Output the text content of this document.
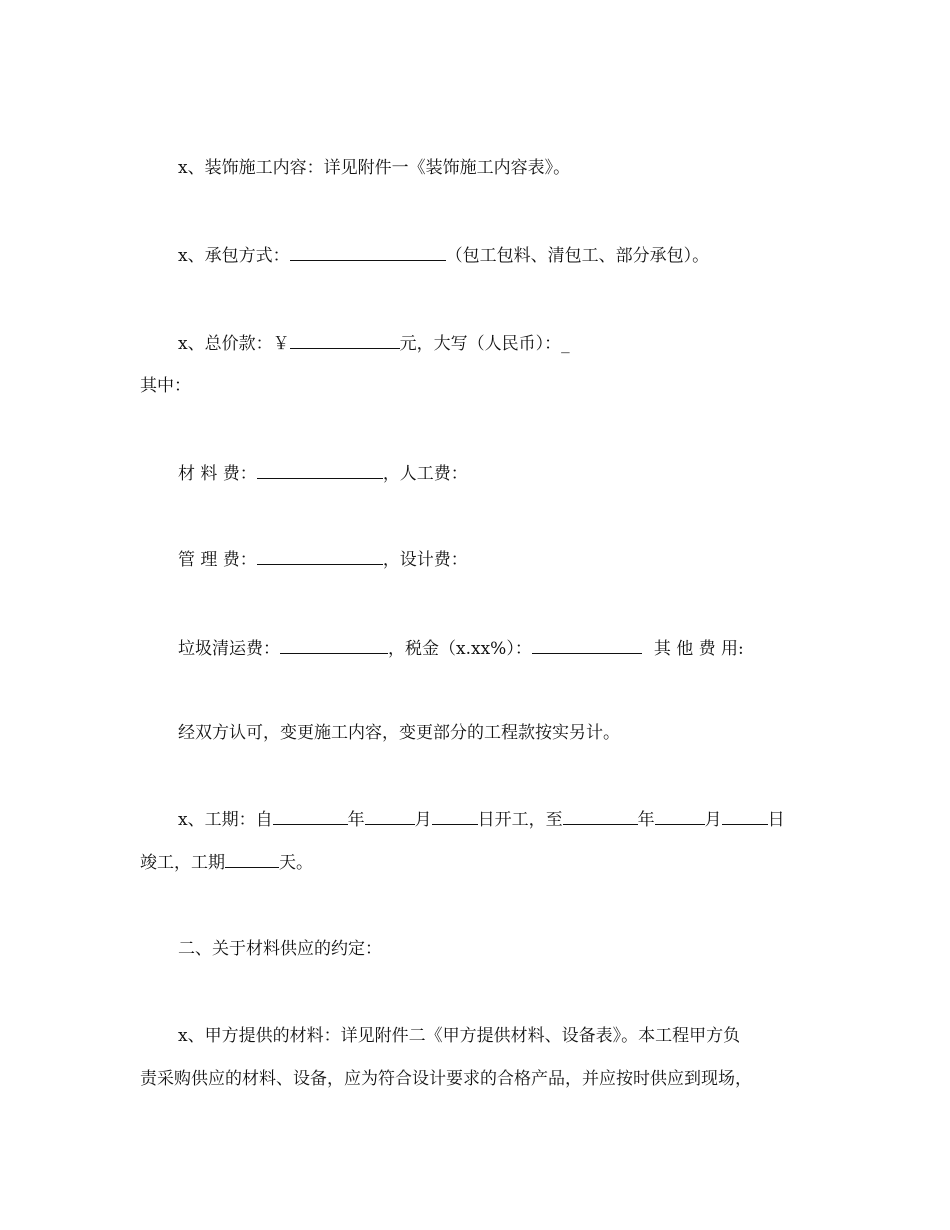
x、装饰施工内容：详见附件一《装饰施工内容表》。
x、承包方式：	（包工包料、清包工、部分承包）。
x、总价款：￥	元，大写（人民币）：_
其中：
材 料 费：	，人工费：
管 理 费：	，设计费：
垃圾清运费：	，税金（x.xx%）：	其 他 费 用:
经双方认可，变更施工内容，变更部分的工程款按实另计。
x、工期：自	年	月	日开工，至	年	月	日
竣工，工期	天。
二、关于材料供应的约定：
x、甲方提供的材料：详见附件二《甲方提供材料、设备表》。本工程甲方负
责采购供应的材料、设备，应为符合设计要求的合格产品，并应按时供应到现场，
